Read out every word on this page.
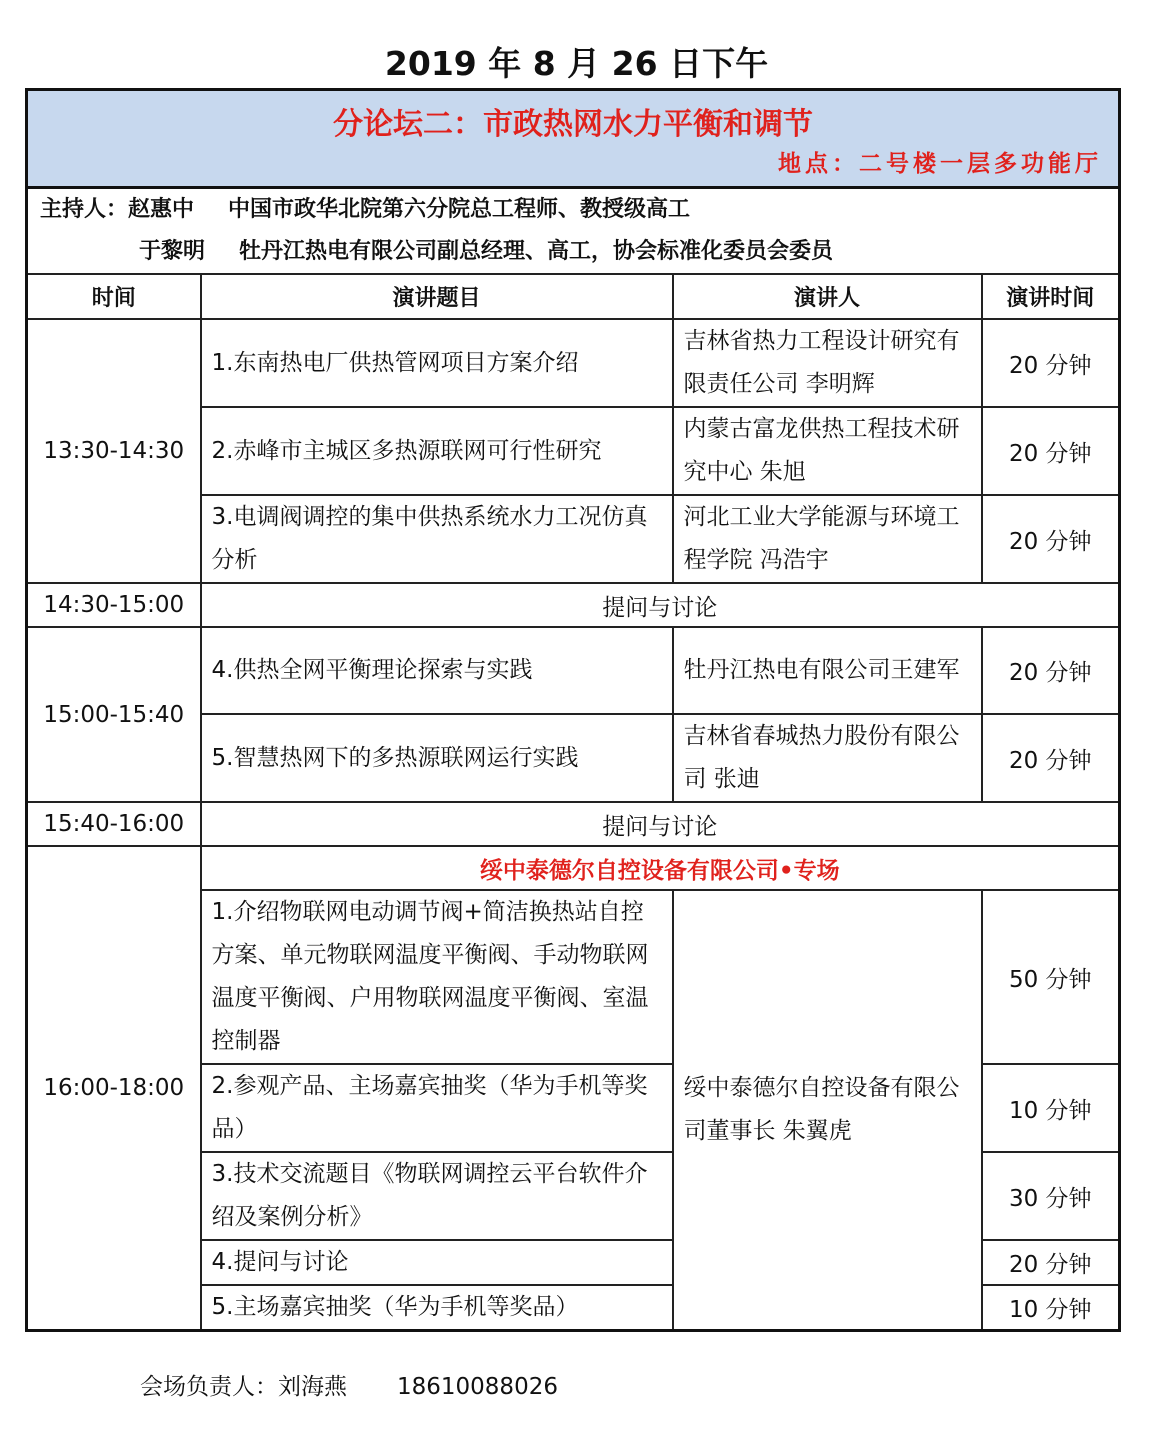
2019 年 8 月 26 日下午
分论坛二：市政热网水力平衡和调节
地点：二号楼一层多功能厅			

主持人：赵惠中 中国市政华北院第六分院总工程师、教授级高工
于黎明 牡丹江热电有限公司副总经理、高工，协会标准化委员会委员			

时间	演讲题目	演讲人	演讲时间
13:30-14:30	1.东南热电厂供热管网项目方案介绍	吉林省热力工程设计研究有限责任公司 李明辉	20 分钟
	2.赤峰市主城区多热源联网可行性研究	内蒙古富龙供热工程技术研究中心 朱旭	20 分钟
	3.电调阀调控的集中供热系统水力工况仿真分析	河北工业大学能源与环境工程学院 冯浩宇	20 分钟
14:30-15:00	提问与讨论		
15:00-15:40	4.供热全网平衡理论探索与实践	牡丹江热电有限公司王建军	20 分钟
	5.智慧热网下的多热源联网运行实践	吉林省春城热力股份有限公司 张迪	20 分钟
15:40-16:00	提问与讨论		
16:00-18:00	绥中泰德尔自控设备有限公司•专场		
	1.介绍物联网电动调节阀+简洁换热站自控方案、单元物联网温度平衡阀、手动物联网温度平衡阀、户用物联网温度平衡阀、室温控制器	绥中泰德尔自控设备有限公司董事长 朱翼虎	50 分钟
	2.参观产品、主场嘉宾抽奖（华为手机等奖品）		10 分钟
	3.技术交流题目《物联网调控云平台软件介绍及案例分析》		30 分钟
	4.提问与讨论		20 分钟
	5.主场嘉宾抽奖（华为手机等奖品）		10 分钟
会场负责人：刘海燕 18610088026
